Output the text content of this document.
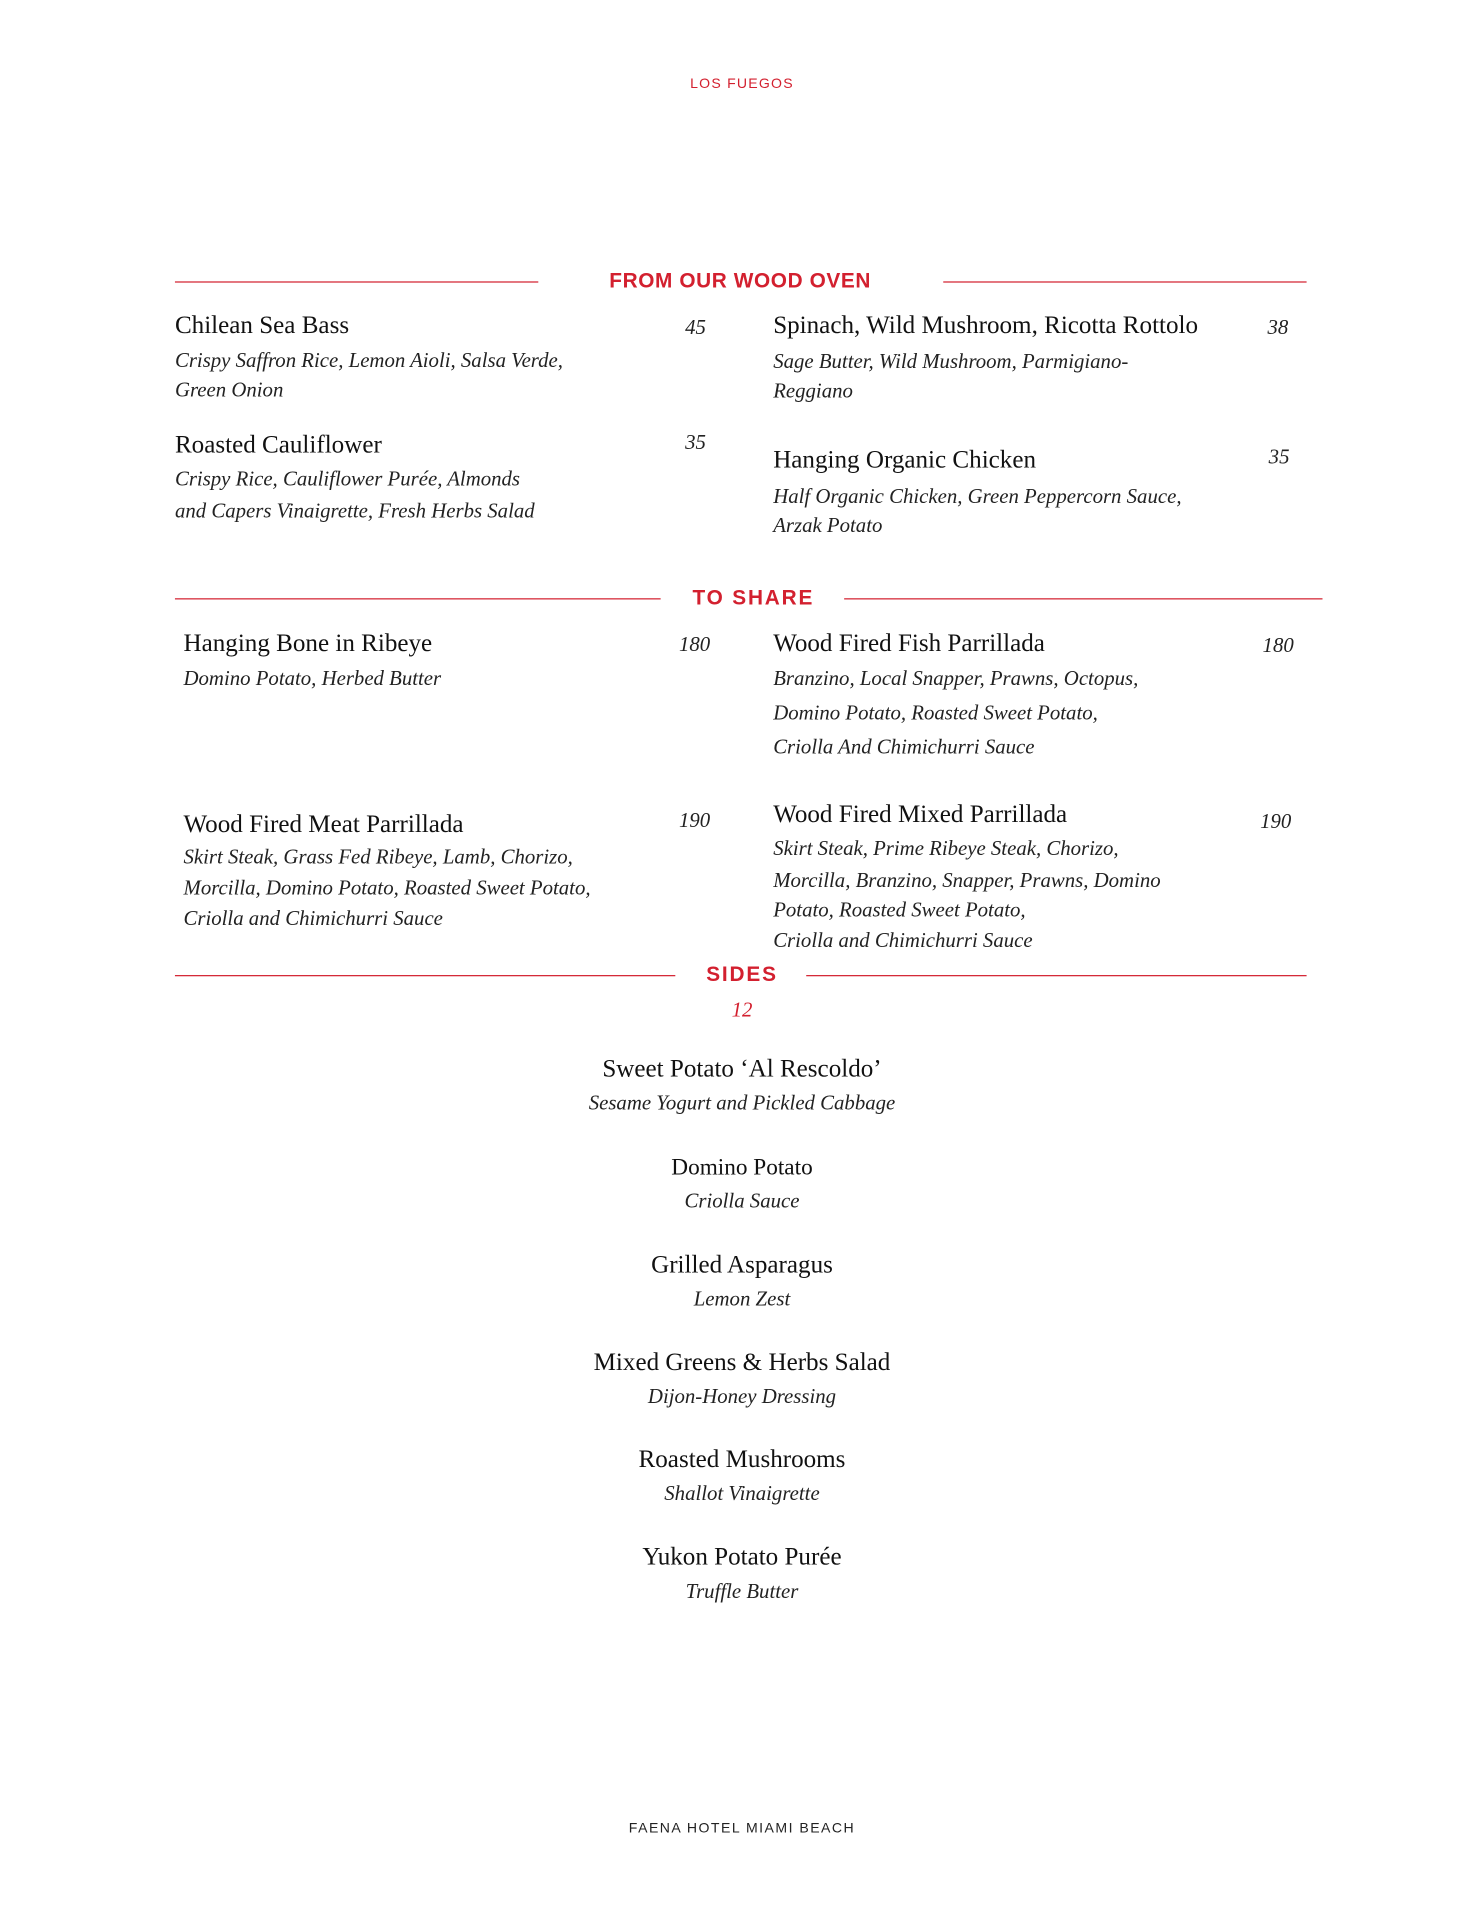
LOS FUEGOS
FROM OUR WOOD OVEN
Chilean Sea Bass	45
Crispy Saffron Rice, Lemon Aioli, Salsa Verde,
Green Onion
Roasted Cauliflower	35
Crispy Rice, Cauliflower Purée, Almonds
and Capers Vinaigrette, Fresh Herbs Salad
Spinach, Wild Mushroom, Ricotta Rottolo	38
Sage Butter, Wild Mushroom, Parmigiano-
Reggiano
Hanging Organic Chicken	35
Half Organic Chicken, Green Peppercorn Sauce,
Arzak Potato
TO SHARE
Hanging Bone in Ribeye	180
Domino Potato, Herbed Butter
Wood Fired Fish Parrillada	180
Branzino, Local Snapper, Prawns, Octopus,
Domino Potato, Roasted Sweet Potato,
Criolla And Chimichurri Sauce
Wood Fired Meat Parrillada	190
Skirt Steak, Grass Fed Ribeye, Lamb, Chorizo,
Morcilla, Domino Potato, Roasted Sweet Potato,
Criolla and Chimichurri Sauce
Wood Fired Mixed Parrillada	190
Skirt Steak, Prime Ribeye Steak, Chorizo,
Morcilla, Branzino, Snapper, Prawns, Domino
Potato, Roasted Sweet Potato,
Criolla and Chimichurri Sauce
SIDES
12
Sweet Potato ‘Al Rescoldo’
Sesame Yogurt and Pickled Cabbage
Domino Potato
Criolla Sauce
Grilled Asparagus
Lemon Zest
Mixed Greens & Herbs Salad
Dijon-Honey Dressing
Roasted Mushrooms
Shallot Vinaigrette
Yukon Potato Purée
Truffle Butter
FAENA HOTEL MIAMI BEACH
